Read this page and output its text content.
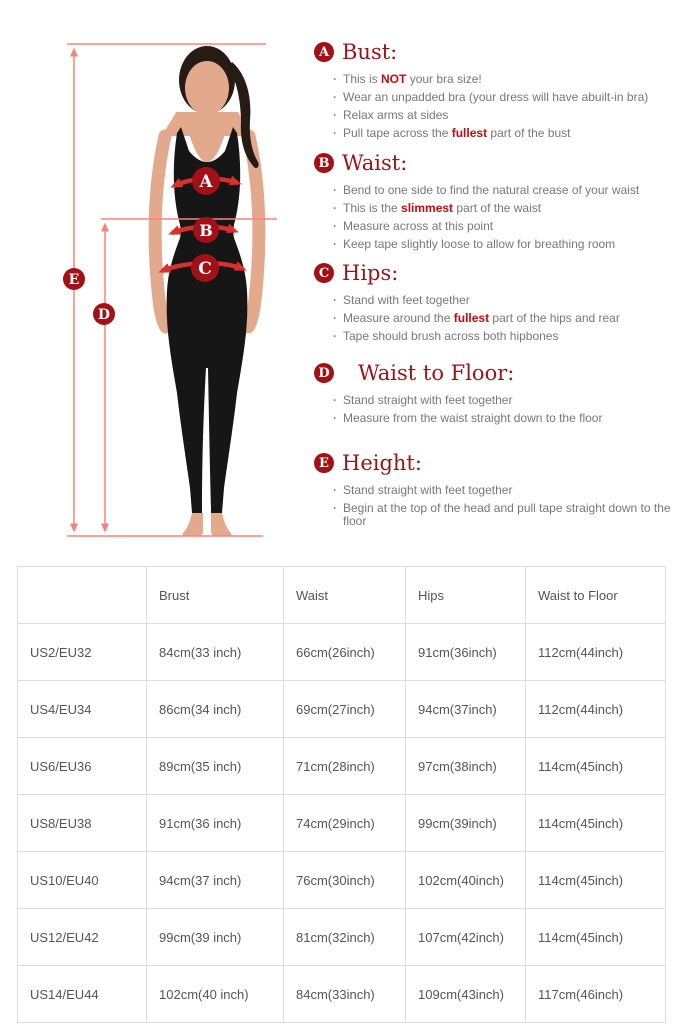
A
B
C
D
E
A Bust:
· This is NOT your bra size!
· Wear an unpadded bra (your dress will have abuilt-in bra)
· Relax arms at sides
· Pull tape across the fullest part of the bust
B Waist:
· Bend to one side to find the natural crease of your waist
· This is the slimmest part of the waist
· Measure across at this point
· Keep tape slightly loose to allow for breathing room
C Hips:
· Stand with feet together
· Measure around the fullest part of the hips and rear
· Tape should brush across both hipbones
D Waist to Floor:
· Stand straight with feet together
· Measure from the waist straight down to the floor
E Height:
· Stand straight with feet together
· Begin at the top of the head and pull tape straight down to the floor
	Brust	Waist	Hips	Waist to Floor
US2/EU32	84cm(33 inch)	66cm(26inch)	91cm(36inch)	112cm(44inch)
US4/EU34	86cm(34 inch)	69cm(27inch)	94cm(37inch)	112cm(44inch)
US6/EU36	89cm(35 inch)	71cm(28inch)	97cm(38inch)	114cm(45inch)
US8/EU38	91cm(36 inch)	74cm(29inch)	99cm(39inch)	114cm(45inch)
US10/EU40	94cm(37 inch)	76cm(30inch)	102cm(40inch)	114cm(45inch)
US12/EU42	99cm(39 inch)	81cm(32inch)	107cm(42inch)	114cm(45inch)
US14/EU44	102cm(40 inch)	84cm(33inch)	109cm(43inch)	117cm(46inch)
